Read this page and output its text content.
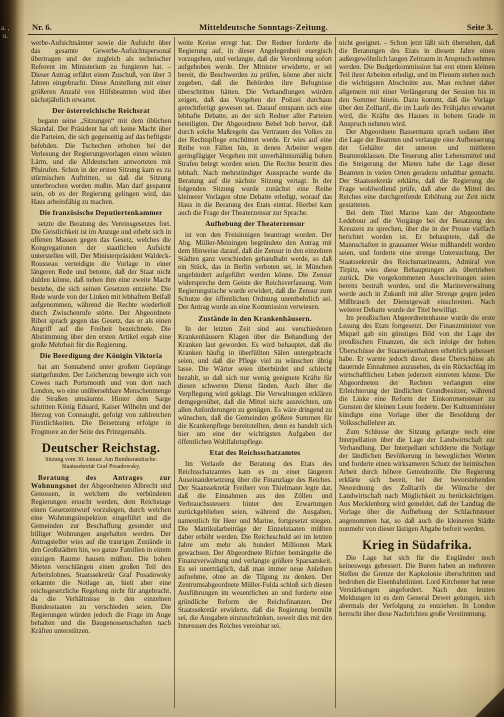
a. ,
u.
Nr. 6.	Mitteldeutsche Sonntags-Zeitung.	Seite 3.

werbe-Aufsichtsämter sowie die Aufsicht über das gesamte Gewerbe-Aufsichtspersonal übertragen und der zugleich als technischer Referent im Ministerium zu fungieren hat. – Dieser Antrag erfährt einen Zuschuß, von über 3 Jahren eingebracht. Diese Anstellung mit einer größeren Anzahl von Hilfsbeamten wird über nächstjährlich erwartet.

Der österreichische Reichsrat

begann seine „Sitzungen“ mit dem üblichen Skandal. Der Präsident hat oft keine Macht über die Parteien, die sich gegenseitig auf das heftigste befehden. Die Tschechen erhoben bei der Verlesung der Regierungsvorlagen einen wüsten Lärm, und die Alldeutschen antworteten mit Pfuirufen. Schon in der ersten Sitzung kam es zu stürmischen Auftritten, so daß die Sitzung unterbrochen werden mußte. Man darf gespannt sein, ob es der Regierung gelingen wird, das Haus arbeitsfähig zu machen.

Die französische Deputiertenkammer

setzte die Beratung des Vereinsgesetzes fort. Die Geistlichkeit ist im Anzuge und erhebt sich in offenen Massen gegen das Gesetz, welches die Kongregationen der staatlichen Aufsicht unterstellen will. Der Ministerpräsident Waldeck-Rousseau verteidigte die Vorlage in einer längeren Rede und betonte, daß der Staat nicht dulden könne, daß neben ihm eine zweite Macht bestehe, die sich seinen Gesetzen entziehe. Die Rede wurde von der Linken mit lebhaftem Beifall aufgenommen, während die Rechte wiederholt durch Zwischenrufe störte. Der Abgeordnete Ribot sprach gegen das Gesetz, das er als einen Angriff auf die Freiheit bezeichnete. Die Abstimmung über den ersten Artikel ergab eine große Mehrheit für die Regierung.

Die Beerdigung der Königin Viktoria

hat am Sonnabend unter großem Gepränge stattgefunden. Der Leichenzug bewegte sich von Cowes nach Portsmouth und von dort nach London, wo eine unübersehbare Menschenmenge die Straßen umsäumte. Hinter dem Sarge schritten König Eduard, Kaiser Wilhelm und der Herzog von Connaught, gefolgt von zahlreichen Fürstlichkeiten. Die Beisetzung erfolgte in Frogmore an der Seite des Prinzgemahls.

Deutscher Reichstag.
Sitzung vom 30. Januar. Am Bundesratstische: Staatssekretär Graf Posadowsky.

Beratung des Antrages zur Wohnungsnot der Abgeordneten Albrecht und Genossen, in welchem die verbündeten Regierungen ersucht werden, dem Reichstage einen Gesetzentwurf vorzulegen, durch welchen eine Wohnungsinspektion eingeführt und die Gemeinden zur Beschaffung gesunder und billiger Wohnungen angehalten werden. Der Antragsteller wies auf die traurigen Zustände in den Großstädten hin, wo ganze Familien in einem einzigen Raume hausen müßten. Die hohen Mieten verschlängen einen großen Teil des Arbeitslohnes. Staatssekretär Graf Posadowsky erkannte die Notlage an, hielt aber eine reichsgesetzliche Regelung nicht für angebracht, da die Verhältnisse in den einzelnen Bundesstaaten zu verschieden seien. Die Regierungen würden jedoch die Frage im Auge behalten und die Baugenossenschaften nach Kräften unterstützen.

weite Kreise erregt hat. Der Redner forderte die Regierung auf, in dieser Angelegenheit energisch vorzugehen, und verlangte, daß die Verordnung sofort aufgehoben werde. Der Minister erwiderte, er sei bereit, die Beschwerden zu prüfen, könne aber nicht zugeben, daß die Behörden ihre Befugnisse überschritten hätten. Die Verhandlungen würden zeigen, daß das Vorgehen der Polizei durchaus gerechtfertigt gewesen sei. Darauf entspann sich eine lebhafte Debatte, an der sich Redner aller Parteien beteiligten. Der Abgeordnete Bebel hob hervor, daß durch solche Maßregeln das Vertrauen des Volkes zu der Rechtspflege erschüttert werde. Er wies auf eine Reihe von Fällen hin, in denen Arbeiter wegen geringfügiger Vergehen mit unverhältnismäßig hohen Strafen belegt worden seien. Die Rechte bestritt dies lebhaft. Nach mehrstündiger Aussprache wurde die Beratung auf die nächste Sitzung vertagt. In der folgenden Sitzung wurde zunächst eine Reihe kleinerer Vorlagen ohne Debatte erledigt, worauf das Haus in die Beratung des Etats eintrat. Hierbei kam auch die Frage der Theaterzensur zur Sprache.

Aufhebung der Theaterzensur

ist von den Freisinnigen beantragt worden. Der Abg. Müller-Meiningen begründete den Antrag mit dem Hinweise darauf, daß die Zensur in den einzelnen Städten ganz verschieden gehandhabt werde, so daß ein Stück, das in Berlin verboten sei, in München ungehindert aufgeführt werden könne. Die Zensur widerspreche dem Geiste der Reichsverfassung. Vom Regierungstische wurde erwidert, daß die Zensur zum Schutze der öffentlichen Ordnung unentbehrlich sei. Der Antrag wurde an eine Kommission verwiesen.

Zustände in den Krankenhäusern.

In der letzten Zeit sind aus verschiedenen Krankenhäusern Klagen über die Behandlung der Kranken laut geworden. Es wird behauptet, daß die Kranken häufig in überfüllten Sälen untergebracht seien, und daß die Pflege viel zu wünschen übrig lasse. Die Wärter seien überbürdet und schlecht bezahlt, so daß sich nur wenig geeignete Kräfte für diesen schweren Dienst fänden. Auch über die Verpflegung wird geklagt. Die Verwaltungen erklären demgegenüber, daß die Mittel nicht ausreichten, um allen Anforderungen zu genügen. Es wäre dringend zu wünschen, daß die Gemeinden größere Summen für die Krankenpflege bereitstellten, denn es handelt sich hier um eine der wichtigsten Aufgaben der öffentlichen Wohlfahrtspflege.

Etat des Reichsschatzamtes

Im Verlaufe der Beratung des Etats des Reichsschatzamtes kam es zu einer längeren Auseinandersetzung über die Finanzlage des Reiches. Der Staatssekretär Freiherr von Thielmann legte dar, daß die Einnahmen aus den Zöllen und Verbrauchssteuern hinter den Erwartungen zurückgeblieben seien, während die Ausgaben, namentlich für Heer und Marine, fortgesetzt stiegen. Die Matrikularbeiträge der Einzelstaaten müßten daher erhöht werden. Die Reichsschuld sei im letzten Jahre um mehr als hundert Millionen Mark gewachsen. Der Abgeordnete Richter bemängelte die Finanzverwaltung und verlangte größere Sparsamkeit. Es sei unerträglich, daß man immer neue Anleihen aufnehme, ohne an die Tilgung zu denken. Der Zentrumsabgeordnete Müller-Fulda schloß sich diesen Ausführungen im wesentlichen an und forderte eine gründliche Reform der Reichsfinanzen. Der Staatssekretär erwiderte, daß die Regierung bemüht sei, die Ausgaben einzuschränken, soweit dies mit den Interessen des Reiches vereinbar sei.

nicht geeignet. – Schon jetzt läßt sich übersehen, daß die Beratungen des Etats in diesem Jahre einen außergewöhnlich langen Zeitraum in Anspruch nehmen werden. Die Budgetkommission hat erst einen kleinen Teil ihrer Arbeiten erledigt, und im Plenum stehen noch die wichtigsten Abschnitte aus. Man rechnet daher allgemein mit einer Verlängerung der Session bis in den Sommer hinein. Dazu kommt, daß die Vorlage über den Zolltarif, die im Laufe des Frühjahrs erwartet wird, die Kräfte des Hauses in hohem Grade in Anspruch nehmen wird.

Der Abgeordnete Bassermann sprach sodann über die Lage der Beamten und verlangte eine Aufbesserung der Gehälter der unteren und mittleren Beamtenklassen. Die Teuerung aller Lebensmittel und die Steigerung der Mieten habe die Lage dieser Beamten in vielen Orten geradezu unhaltbar gemacht. Der Staatssekretär erklärte, daß die Regierung die Frage wohlwollend prüfe, daß aber die Mittel des Reiches eine durchgreifende Erhöhung zur Zeit nicht gestatteten.

Bei dem Titel Marine kam der Abgeordnete Ledebour auf die Vorgänge bei der Besatzung des Kreuzers zu sprechen, über die in der Presse vielfach berichtet worden ist. Er behauptete, daß die Mannschaften in grausamer Weise mißhandelt worden seien, und forderte eine strenge Untersuchung. Der Staatssekretär des Reichsmarineamts, Admiral von Tirpitz, wies diese Behauptungen als übertrieben zurück. Die vorgekommenen Ausschreitungen seien bereits bestraft worden, und die Marineverwaltung werde auch in Zukunft mit aller Strenge gegen jeden Mißbrauch der Dienstgewalt einschreiten. Nach weiterer Debatte wurde der Titel bewilligt.

Im preußischen Abgeordnetenhause wurde die erste Lesung des Etats fortgesetzt. Der Finanzminister von Miquel gab ein günstiges Bild von der Lage der preußischen Finanzen, die sich infolge der hohen Überschüsse der Staatseisenbahnen erheblich gebessert habe. Er warnte jedoch davor, diese Überschüsse als dauernde Einnahmen anzusehen, da ein Rückschlag im wirtschaftlichen Leben jederzeit eintreten könne. Die Abgeordneten der Rechten verlangten eine Erleichterung der ländlichen Grundbesitzer, während die Linke eine Reform der Einkommensteuer zu Gunsten der kleinen Leute forderte. Der Kultusminister kündigte eine Vorlage über die Besoldung der Volksschullehrer an.

Zum Schlusse der Sitzung gelangte noch eine Interpellation über die Lage der Landwirtschaft zur Verhandlung. Der Interpellant schilderte die Notlage der ländlichen Bevölkerung in beweglichen Worten und forderte einen wirksameren Schutz der heimischen Arbeit durch höhere Getreidezölle. Die Regierung erklärte sich bereit, bei der bevorstehenden Neuordnung des Zolltarifs die Wünsche der Landwirtschaft nach Möglichkeit zu berücksichtigen. Aus Mecklenburg wird gemeldet, daß der Landtag die Vorlage über die Aufhebung der Schlachtsteuer angenommen hat, so daß auch die kleineren Städte nunmehr von dieser lästigen Abgabe befreit werden.

Krieg in Südafrika.

Die Lage hat sich für die Engländer noch keineswegs gebessert. Die Buren haben an mehreren Stellen die Grenze der Kapkolonie überschritten und bedrohen die Eisenbahnlinien. Lord Kitchener hat neue Verstärkungen angefordert. Nach den letzten Meldungen ist es dem General Dewet gelungen, sich abermals der Verfolgung zu entziehen. In London herrscht über diese Nachrichten große Verstimmung.
